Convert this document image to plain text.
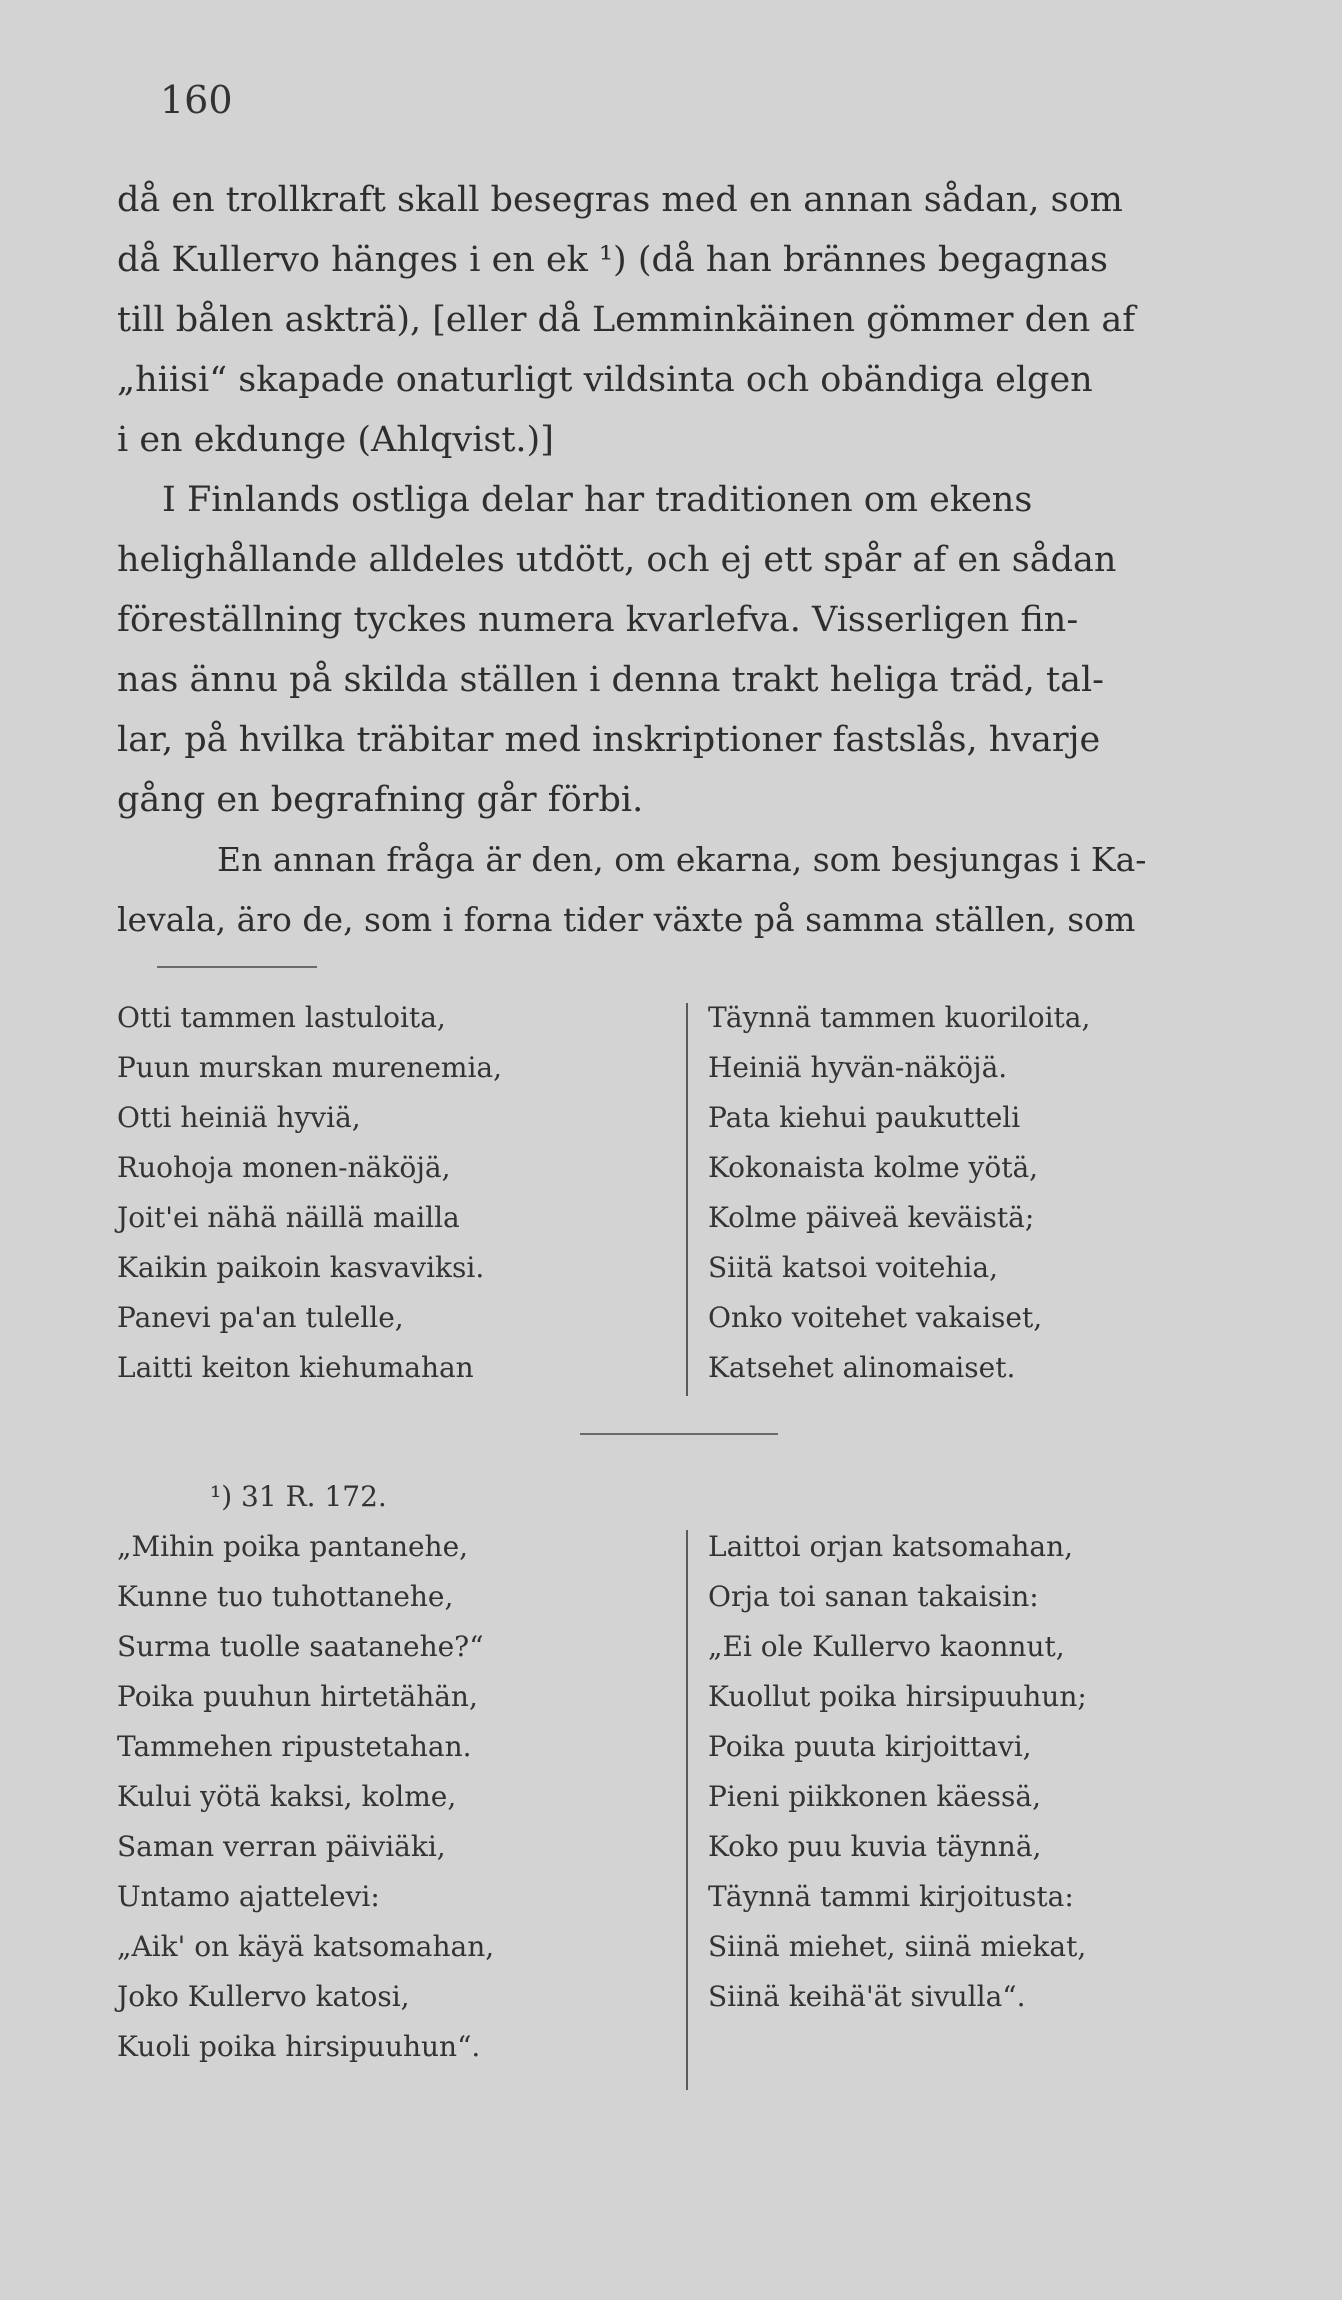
160
då en trollkraft skall besegras med en annan sådan, som
då Kullervo hänges i en ek ¹) (då han brännes begagnas
till bålen askträ), [eller då Lemminkäinen gömmer den af
„hiisi“ skapade onaturligt vildsinta och obändiga elgen
i en ekdunge (Ahlqvist.)]
I Finlands ostliga delar har traditionen om ekens
helighållande alldeles utdött, och ej ett spår af en sådan
föreställning tyckes numera kvarlefva. Visserligen fin-
nas ännu på skilda ställen i denna trakt heliga träd, tal-
lar, på hvilka träbitar med inskriptioner fastslås, hvarje
gång en begrafning går förbi.
En annan fråga är den, om ekarna, som besjungas i Ka-
levala, äro de, som i forna tider växte på samma ställen, som
Otti tammen lastuloita,
Puun murskan murenemia,
Otti heiniä hyviä,
Ruohoja monen-näköjä,
Joit'ei nähä näillä mailla
Kaikin paikoin kasvaviksi.
Panevi pa'an tulelle,
Laitti keiton kiehumahan
Täynnä tammen kuoriloita,
Heiniä hyvän-näköjä.
Pata kiehui paukutteli
Kokonaista kolme yötä,
Kolme päiveä keväistä;
Siitä katsoi voitehia,
Onko voitehet vakaiset,
Katsehet alinomaiset.
¹) 31 R. 172.
„Mihin poika pantanehe,
Kunne tuo tuhottanehe,
Surma tuolle saatanehe?“
Poika puuhun hirtetähän,
Tammehen ripustetahan.
Kului yötä kaksi, kolme,
Saman verran päiviäki,
Untamo ajattelevi:
„Aik' on käyä katsomahan,
Joko Kullervo katosi,
Kuoli poika hirsipuuhun“.
Laittoi orjan katsomahan,
Orja toi sanan takaisin:
„Ei ole Kullervo kaonnut,
Kuollut poika hirsipuuhun;
Poika puuta kirjoittavi,
Pieni piikkonen käessä,
Koko puu kuvia täynnä,
Täynnä tammi kirjoitusta:
Siinä miehet, siinä miekat,
Siinä keihä'ät sivulla“.
